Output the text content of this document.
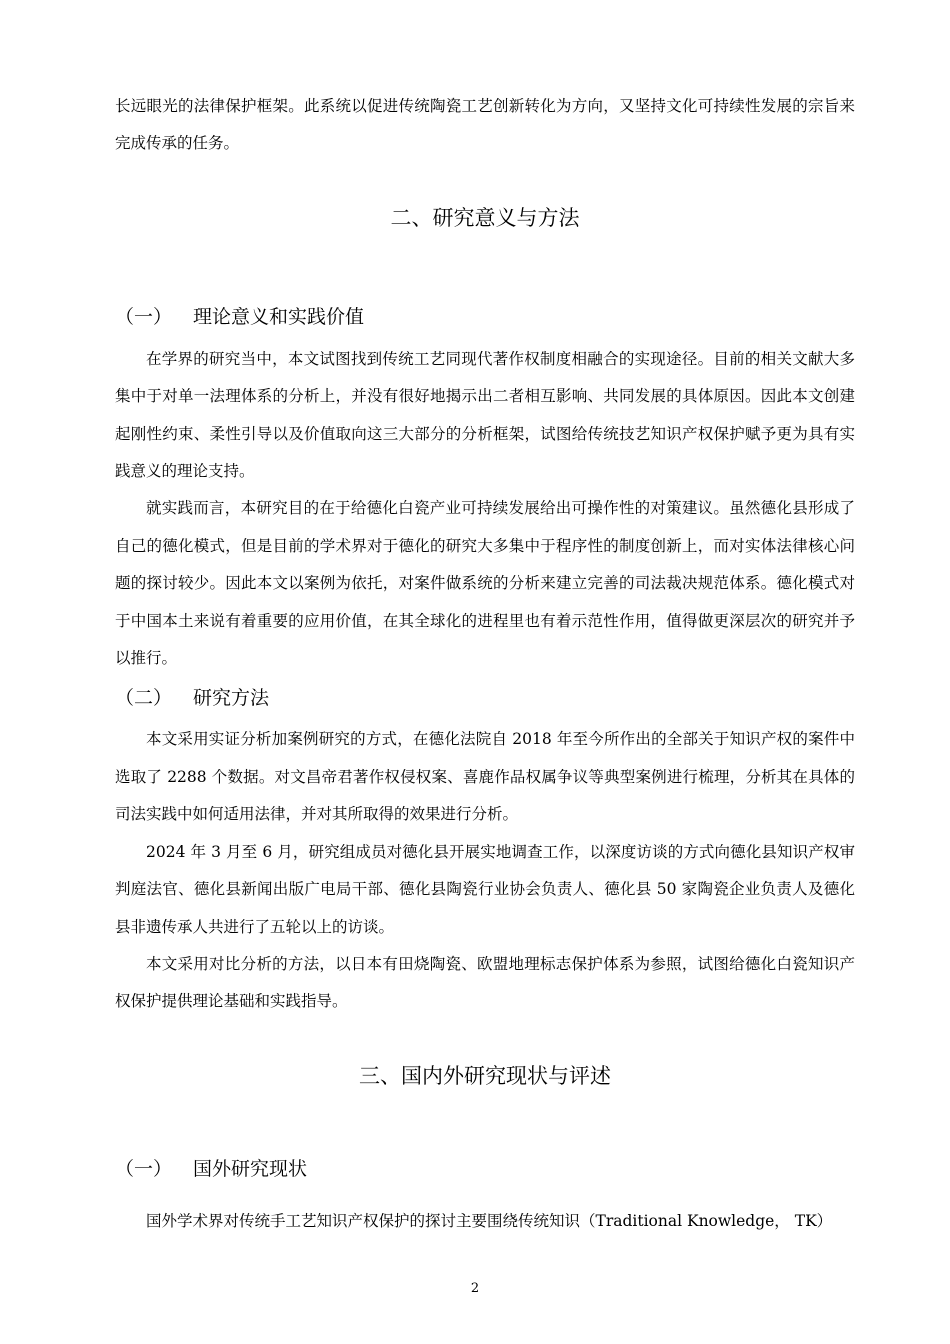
长远眼光的法律保护框架。此系统以促进传统陶瓷工艺创新转化为方向，又坚持文化可持续性发展的宗旨来完成传承的任务。

二、研究意义与方法
（一） 理论意义和实践价值

在学界的研究当中，本文试图找到传统工艺同现代著作权制度相融合的实现途径。目前的相关文献大多集中于对单一法理体系的分析上，并没有很好地揭示出二者相互影响、共同发展的具体原因。因此本文创建起刚性约束、柔性引导以及价值取向这三大部分的分析框架，试图给传统技艺知识产权保护赋予更为具有实践意义的理论支持。

就实践而言，本研究目的在于给德化白瓷产业可持续发展给出可操作性的对策建议。虽然德化县形成了自己的德化模式，但是目前的学术界对于德化的研究大多集中于程序性的制度创新上，而对实体法律核心问题的探讨较少。因此本文以案例为依托，对案件做系统的分析来建立完善的司法裁决规范体系。德化模式对于中国本土来说有着重要的应用价值，在其全球化的进程里也有着示范性作用，值得做更深层次的研究并予以推行。

（二） 研究方法

本文采用实证分析加案例研究的方式，在德化法院自 2018 年至今所作出的全部关于知识产权的案件中选取了 2288 个数据。对文昌帝君著作权侵权案、喜鹿作品权属争议等典型案例进行梳理，分析其在具体的司法实践中如何适用法律，并对其所取得的效果进行分析。

2024 年 3 月至 6 月，研究组成员对德化县开展实地调查工作，以深度访谈的方式向德化县知识产权审判庭法官、德化县新闻出版广电局干部、德化县陶瓷行业协会负责人、德化县 50 家陶瓷企业负责人及德化县非遗传承人共进行了五轮以上的访谈。

本文采用对比分析的方法，以日本有田烧陶瓷、欧盟地理标志保护体系为参照，试图给德化白瓷知识产权保护提供理论基础和实践指导。

三、国内外研究现状与评述
（一） 国外研究现状

国外学术界对传统手工艺知识产权保护的探讨主要围绕传统知识（Traditional Knowledge， TK）

2
